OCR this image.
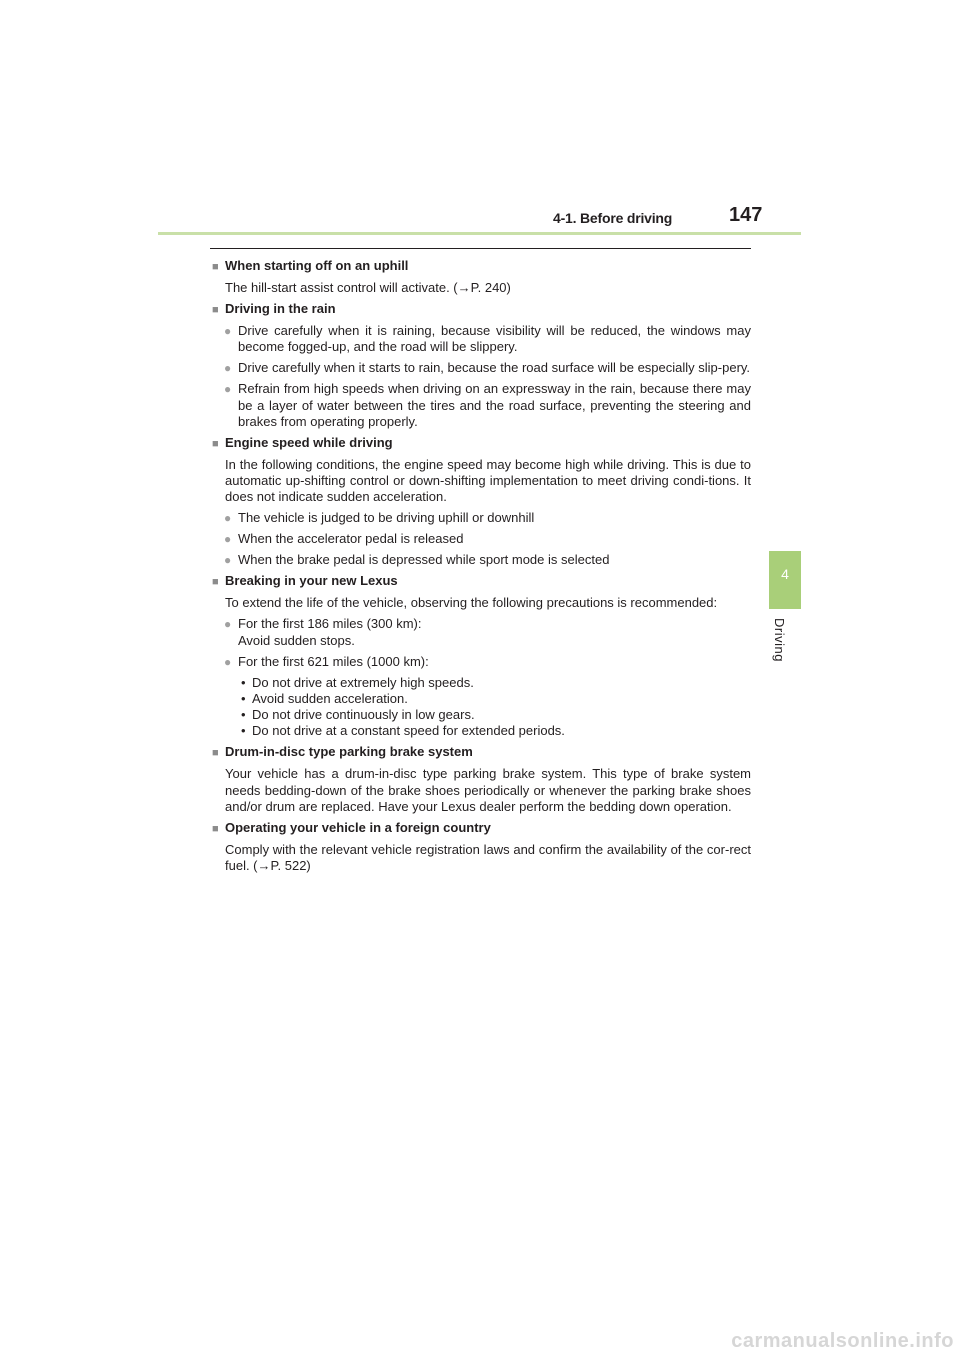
4-1. Before driving	147
4
Driving
■ When starting off on an uphill
The hill-start assist control will activate. (→P. 240)
■ Driving in the rain
● Drive carefully when it is raining, because visibility will be reduced, the windows may become fogged-up, and the road will be slippery.
● Drive carefully when it starts to rain, because the road surface will be especially slip-pery.
● Refrain from high speeds when driving on an expressway in the rain, because there may be a layer of water between the tires and the road surface, preventing the steering and brakes from operating properly.
■ Engine speed while driving
In the following conditions, the engine speed may become high while driving. This is due to automatic up-shifting control or down-shifting implementation to meet driving condi-tions. It does not indicate sudden acceleration.
● The vehicle is judged to be driving uphill or downhill
● When the accelerator pedal is released
● When the brake pedal is depressed while sport mode is selected
■ Breaking in your new Lexus
To extend the life of the vehicle, observing the following precautions is recommended:
● For the first 186 miles (300 km):
Avoid sudden stops.
● For the first 621 miles (1000 km):
• Do not drive at extremely high speeds.
• Avoid sudden acceleration.
• Do not drive continuously in low gears.
• Do not drive at a constant speed for extended periods.
■ Drum-in-disc type parking brake system
Your vehicle has a drum-in-disc type parking brake system. This type of brake system needs bedding-down of the brake shoes periodically or whenever the parking brake shoes and/or drum are replaced. Have your Lexus dealer perform the bedding down operation.
■ Operating your vehicle in a foreign country
Comply with the relevant vehicle registration laws and confirm the availability of the cor-rect fuel. (→P. 522)
carmanualsonline.info
